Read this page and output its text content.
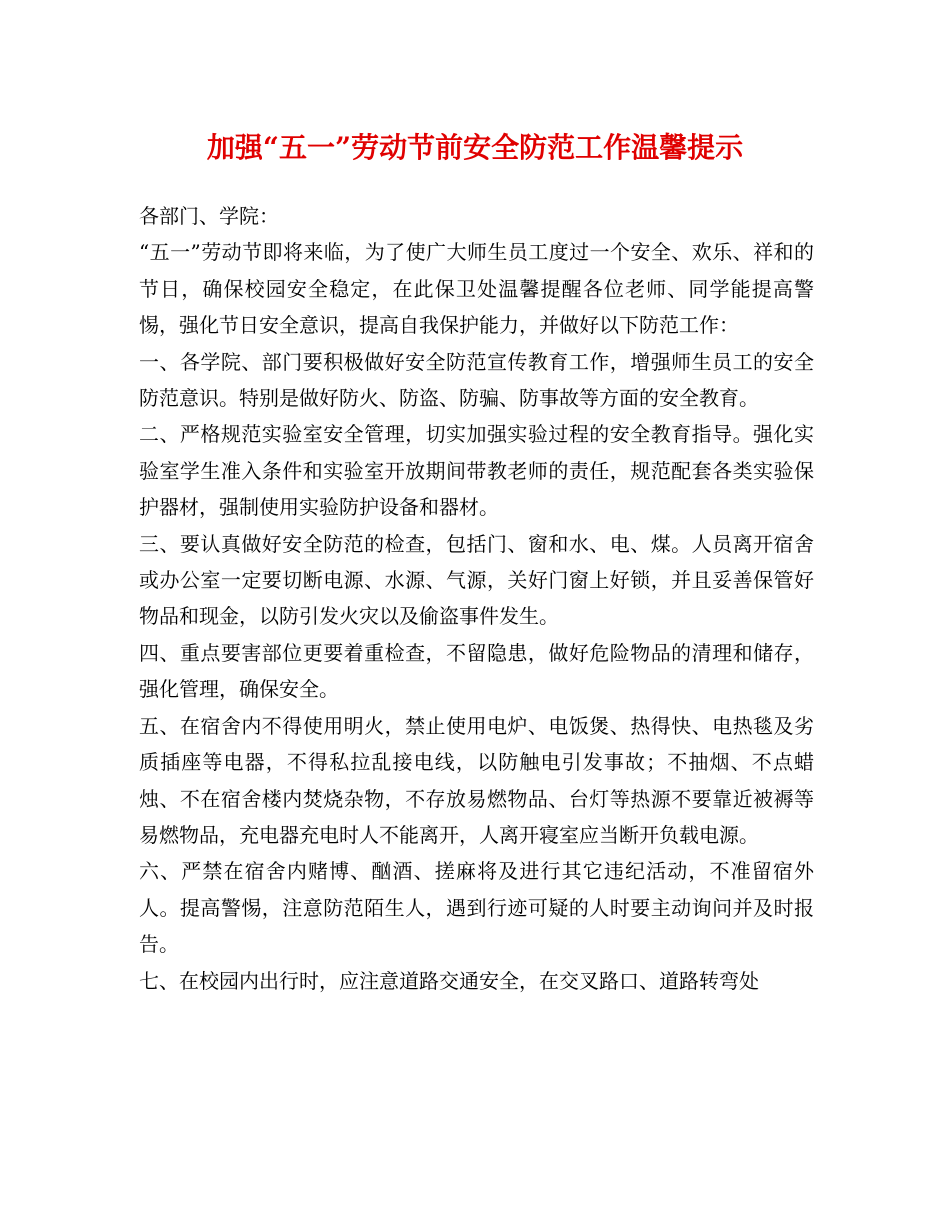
加强“五一”劳动节前安全防范工作温馨提示

各部门、学院：

“五一”劳动节即将来临，为了使广大师生员工度过一个安全、欢乐、祥和的节日，确保校园安全稳定，在此保卫处温馨提醒各位老师、同学能提高警惕，强化节日安全意识，提高自我保护能力，并做好以下防范工作：

一、各学院、部门要积极做好安全防范宣传教育工作，增强师生员工的安全防范意识。特别是做好防火、防盗、防骗、防事故等方面的安全教育。

二、严格规范实验室安全管理，切实加强实验过程的安全教育指导。强化实验室学生准入条件和实验室开放期间带教老师的责任，规范配套各类实验保护器材，强制使用实验防护设备和器材。

三、要认真做好安全防范的检查，包括门、窗和水、电、煤。人员离开宿舍或办公室一定要切断电源、水源、气源，关好门窗上好锁，并且妥善保管好物品和现金，以防引发火灾以及偷盗事件发生。

四、重点要害部位更要着重检查，不留隐患，做好危险物品的清理和储存，强化管理，确保安全。

五、在宿舍内不得使用明火，禁止使用电炉、电饭煲、热得快、电热毯及劣质插座等电器，不得私拉乱接电线，以防触电引发事故；不抽烟、不点蜡烛、不在宿舍楼内焚烧杂物，不存放易燃物品、台灯等热源不要靠近被褥等易燃物品，充电器充电时人不能离开，人离开寝室应当断开负载电源。

六、严禁在宿舍内赌博、酗酒、搓麻将及进行其它违纪活动，不准留宿外人。提高警惕，注意防范陌生人，遇到行迹可疑的人时要主动询问并及时报告。

七、在校园内出行时，应注意道路交通安全，在交叉路口、道路转弯处
